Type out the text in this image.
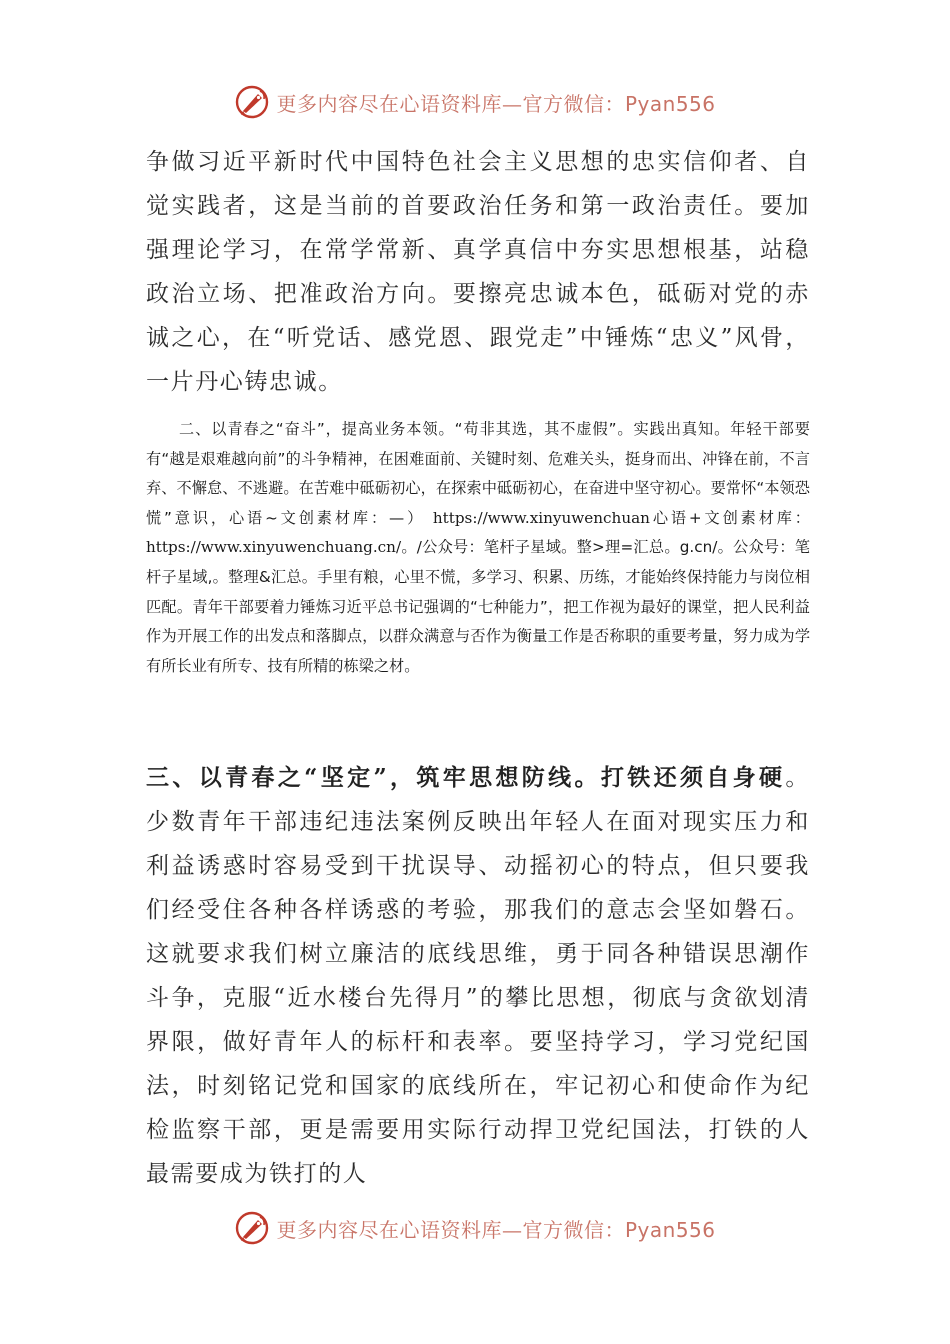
更多内容尽在心语资料库—官方微信：Pyan556

争做习近平新时代中国特色社会主义思想的忠实信仰者、自觉实践者，这是当前的首要政治任务和第一政治责任。要加强理论学习，在常学常新、真学真信中夯实思想根基，站稳政治立场、把准政治方向。要擦亮忠诚本色，砥砺对党的赤诚之心，在“听党话、感党恩、跟党走”中锤炼“忠义”风骨，一片丹心铸忠诚。

二、以青春之“奋斗”，提高业务本领。“苟非其选，其不虚假”。实践出真知。年轻干部要有“越是艰难越向前”的斗争精神，在困难面前、关键时刻、危难关头，挺身而出、冲锋在前，不言弃、不懈怠、不逃避。在苦难中砥砺初心，在探索中砥砺初心，在奋进中坚守初心。要常怀“本领恐慌”意识，心语~文创素材库：—） https://www.xinyuwenchuan心语+文创素材库： https://www.xinyuwenchuang.cn/。/公众号：笔杆子星域。整>理=汇总。g.cn/。公众号：笔杆子星域,。整理&汇总。手里有粮，心里不慌，多学习、积累、历练，才能始终保持能力与岗位相匹配。青年干部要着力锤炼习近平总书记强调的“七种能力”，把工作视为最好的课堂，把人民利益作为开展工作的出发点和落脚点，以群众满意与否作为衡量工作是否称职的重要考量，努力成为学有所长业有所专、技有所精的栋梁之材。

三、以青春之“坚定”，筑牢思想防线。打铁还须自身硬。少数青年干部违纪违法案例反映出年轻人在面对现实压力和利益诱惑时容易受到干扰误导、动摇初心的特点，但只要我们经受住各种各样诱惑的考验，那我们的意志会坚如磐石。这就要求我们树立廉洁的底线思维，勇于同各种错误思潮作斗争，克服“近水楼台先得月”的攀比思想，彻底与贪欲划清界限，做好青年人的标杆和表率。要坚持学习，学习党纪国法，时刻铭记党和国家的底线所在，牢记初心和使命作为纪检监察干部，更是需要用实际行动捍卫党纪国法，打铁的人最需要成为铁打的人

更多内容尽在心语资料库—官方微信：Pyan556
